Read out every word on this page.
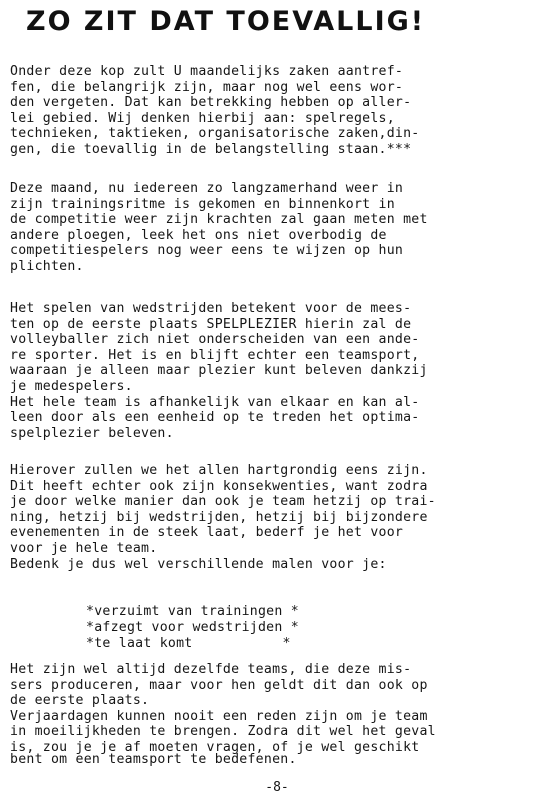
ZO ZIT DAT TOEVALLIG!
Onder deze kop zult U maandelijks zaken aantref-
fen, die belangrijk zijn, maar nog wel eens wor-
den vergeten. Dat kan betrekking hebben op aller-
lei gebied. Wij denken hierbij aan: spelregels,
technieken, taktieken, organisatorische zaken,din-
gen, die toevallig in de belangstelling staan.***
Deze maand, nu iedereen zo langzamerhand weer in
zijn trainingsritme is gekomen en binnenkort in
de competitie weer zijn krachten zal gaan meten met
andere ploegen, leek het ons niet overbodig de
competitiespelers nog weer eens te wijzen op hun
plichten.
Het spelen van wedstrijden betekent voor de mees-
ten op de eerste plaats SPELPLEZIER hierin zal de
volleyballer zich niet onderscheiden van een ande-
re sporter. Het is en blijft echter een teamsport,
waaraan je alleen maar plezier kunt beleven dankzij
je medespelers.
Het hele team is afhankelijk van elkaar en kan al-
leen door als een eenheid op te treden het optima-
spelplezier beleven.
Hierover zullen we het allen hartgrondig eens zijn.
Dit heeft echter ook zijn konsekwenties, want zodra
je door welke manier dan ook je team hetzij op trai-
ning, hetzij bij wedstrijden, hetzij bij bijzondere
evenementen in de steek laat, bederf je het voor
voor je hele team.
Bedenk je dus wel verschillende malen voor je:
*verzuimt van trainingen *
*afzegt voor wedstrijden *
*te laat komt           *
Het zijn wel altijd dezelfde teams, die deze mis-
sers produceren, maar voor hen geldt dit dan ook op
de eerste plaats.
Verjaardagen kunnen nooit een reden zijn om je team
in moeilijkheden te brengen. Zodra dit wel het geval
is, zou je je af moeten vragen, of je wel geschikt
bent om een teamsport te bedefenen.
-8-
